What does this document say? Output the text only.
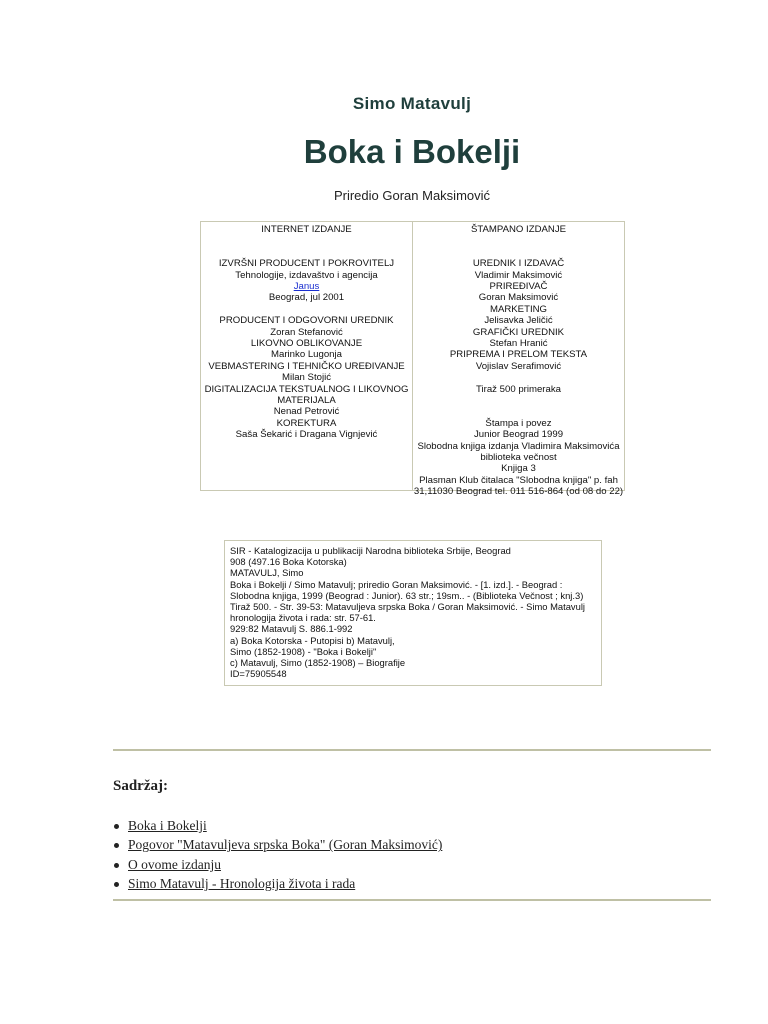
Simo Matavulj
Boka i Bokelji
Priredio Goran Maksimović
INTERNET IZDANJE
IZVRŠNI PRODUCENT I POKROVITELJ
Tehnologije, izdavaštvo i agencija
Janus
Beograd, jul 2001
PRODUCENT I ODGOVORNI UREDNIK
Zoran Stefanović
LIKOVNO OBLIKOVANJE
Marinko Lugonja
VEBMASTERING I TEHNIČKO UREĐIVANJE
Milan Stojić
DIGITALIZACIJA TEKSTUALNOG I LIKOVNOG
MATERIJALA
Nenad Petrović
KOREKTURA
Saša Šekarić i Dragana Vignjević
ŠTAMPANO IZDANJE
UREDNIK I IZDAVAČ
Vladimir Maksimović
PRIREĐIVAČ
Goran Maksimović
MARKETING
Jelisavka Jeličić
GRAFIČKI UREDNIK
Stefan Hranić
PRIPREMA I PRELOM TEKSTA
Vojislav Serafimović
Tiraž 500 primeraka
Štampa i povez
Junior Beograd 1999
Slobodna knjiga izdanja Vladimira Maksimovića
biblioteka večnost
Knjiga 3
Plasman Klub čitalaca "Slobodna knjiga" p. fah
31,11030 Beograd tel. 011 516-864 (od 08 do 22)
SIR - Katalogizacija u publikaciji Narodna biblioteka Srbije, Beograd
908 (497.16 Boka Kotorska)
MATAVULJ, Simo
Boka i Bokelji / Simo Matavulj; priredio Goran Maksimović. - [1. izd.]. - Beograd :
Slobodna knjiga, 1999 (Beograd : Junior). 63 str.; 19sm.. - (Biblioteka Večnost ; knj.3)
Tiraž 500. - Str. 39-53: Matavuljeva srpska Boka / Goran Maksimović. - Simo Matavulj
hronologija života i rada: str. 57-61.
929:82 Matavulj S. 886.1-992
a) Boka Kotorska - Putopisi b) Matavulj,
Simo (1852-1908) - "Boka i Bokelji"
c) Matavulj, Simo (1852-1908) – Biografije
ID=75905548
Sadržaj:
Boka i Bokelji
Pogovor "Matavuljeva srpska Boka" (Goran Maksimović)
O ovome izdanju
Simo Matavulj - Hronologija života i rada
